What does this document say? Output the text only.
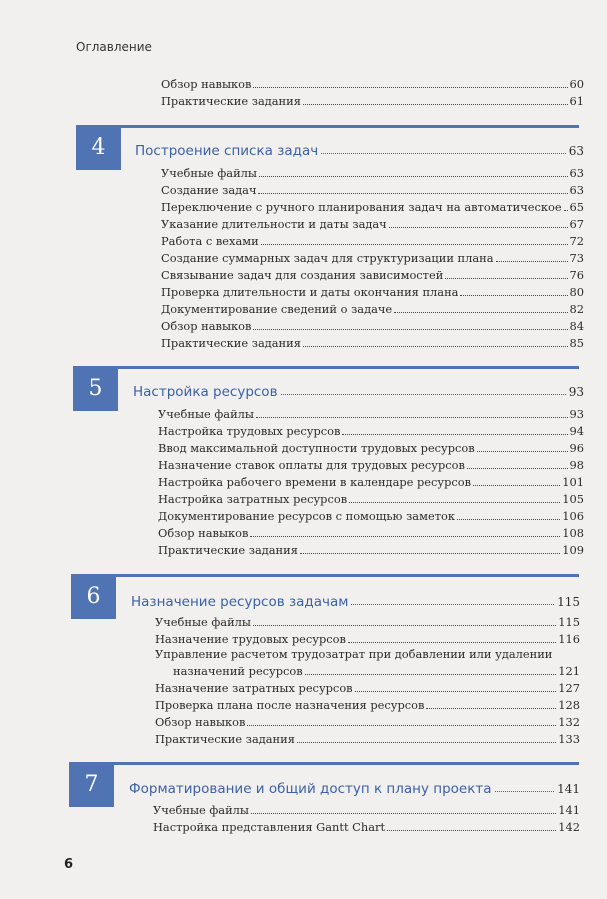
Оглавление
Обзор навыков	60
Практические задания	61
4	Построение списка задач	63
Учебные файлы	63
Создание задач	63
Переключение с ручного планирования задач на автоматическое 65
Указание длительности и даты задач	67
Работа с вехами	72
Создание суммарных задач для структуризации плана	73
Связывание задач для создания зависимостей	76
Проверка длительности и даты окончания плана	80
Документирование сведений о задаче	82
Обзор навыков	84
Практические задания	85
5	Настройка ресурсов	93
Учебные файлы	93
Настройка трудовых ресурсов	94
Ввод максимальной доступности трудовых ресурсов	96
Назначение ставок оплаты для трудовых ресурсов	98
Настройка рабочего времени в календаре ресурсов	101
Настройка затратных ресурсов	105
Документирование ресурсов с помощью заметок	106
Обзор навыков	108
Практические задания	109
6	Назначение ресурсов задачам	115
Учебные файлы	115
Назначение трудовых ресурсов	116
Управление расчетом трудозатрат при добавлении или удалении
назначений ресурсов	121
Назначение затратных ресурсов	127
Проверка плана после назначения ресурсов	128
Обзор навыков	132
Практические задания	133
7	Форматирование и общий доступ к плану проекта	141
Учебные файлы	141
Настройка представления Gantt Chart	142
6
